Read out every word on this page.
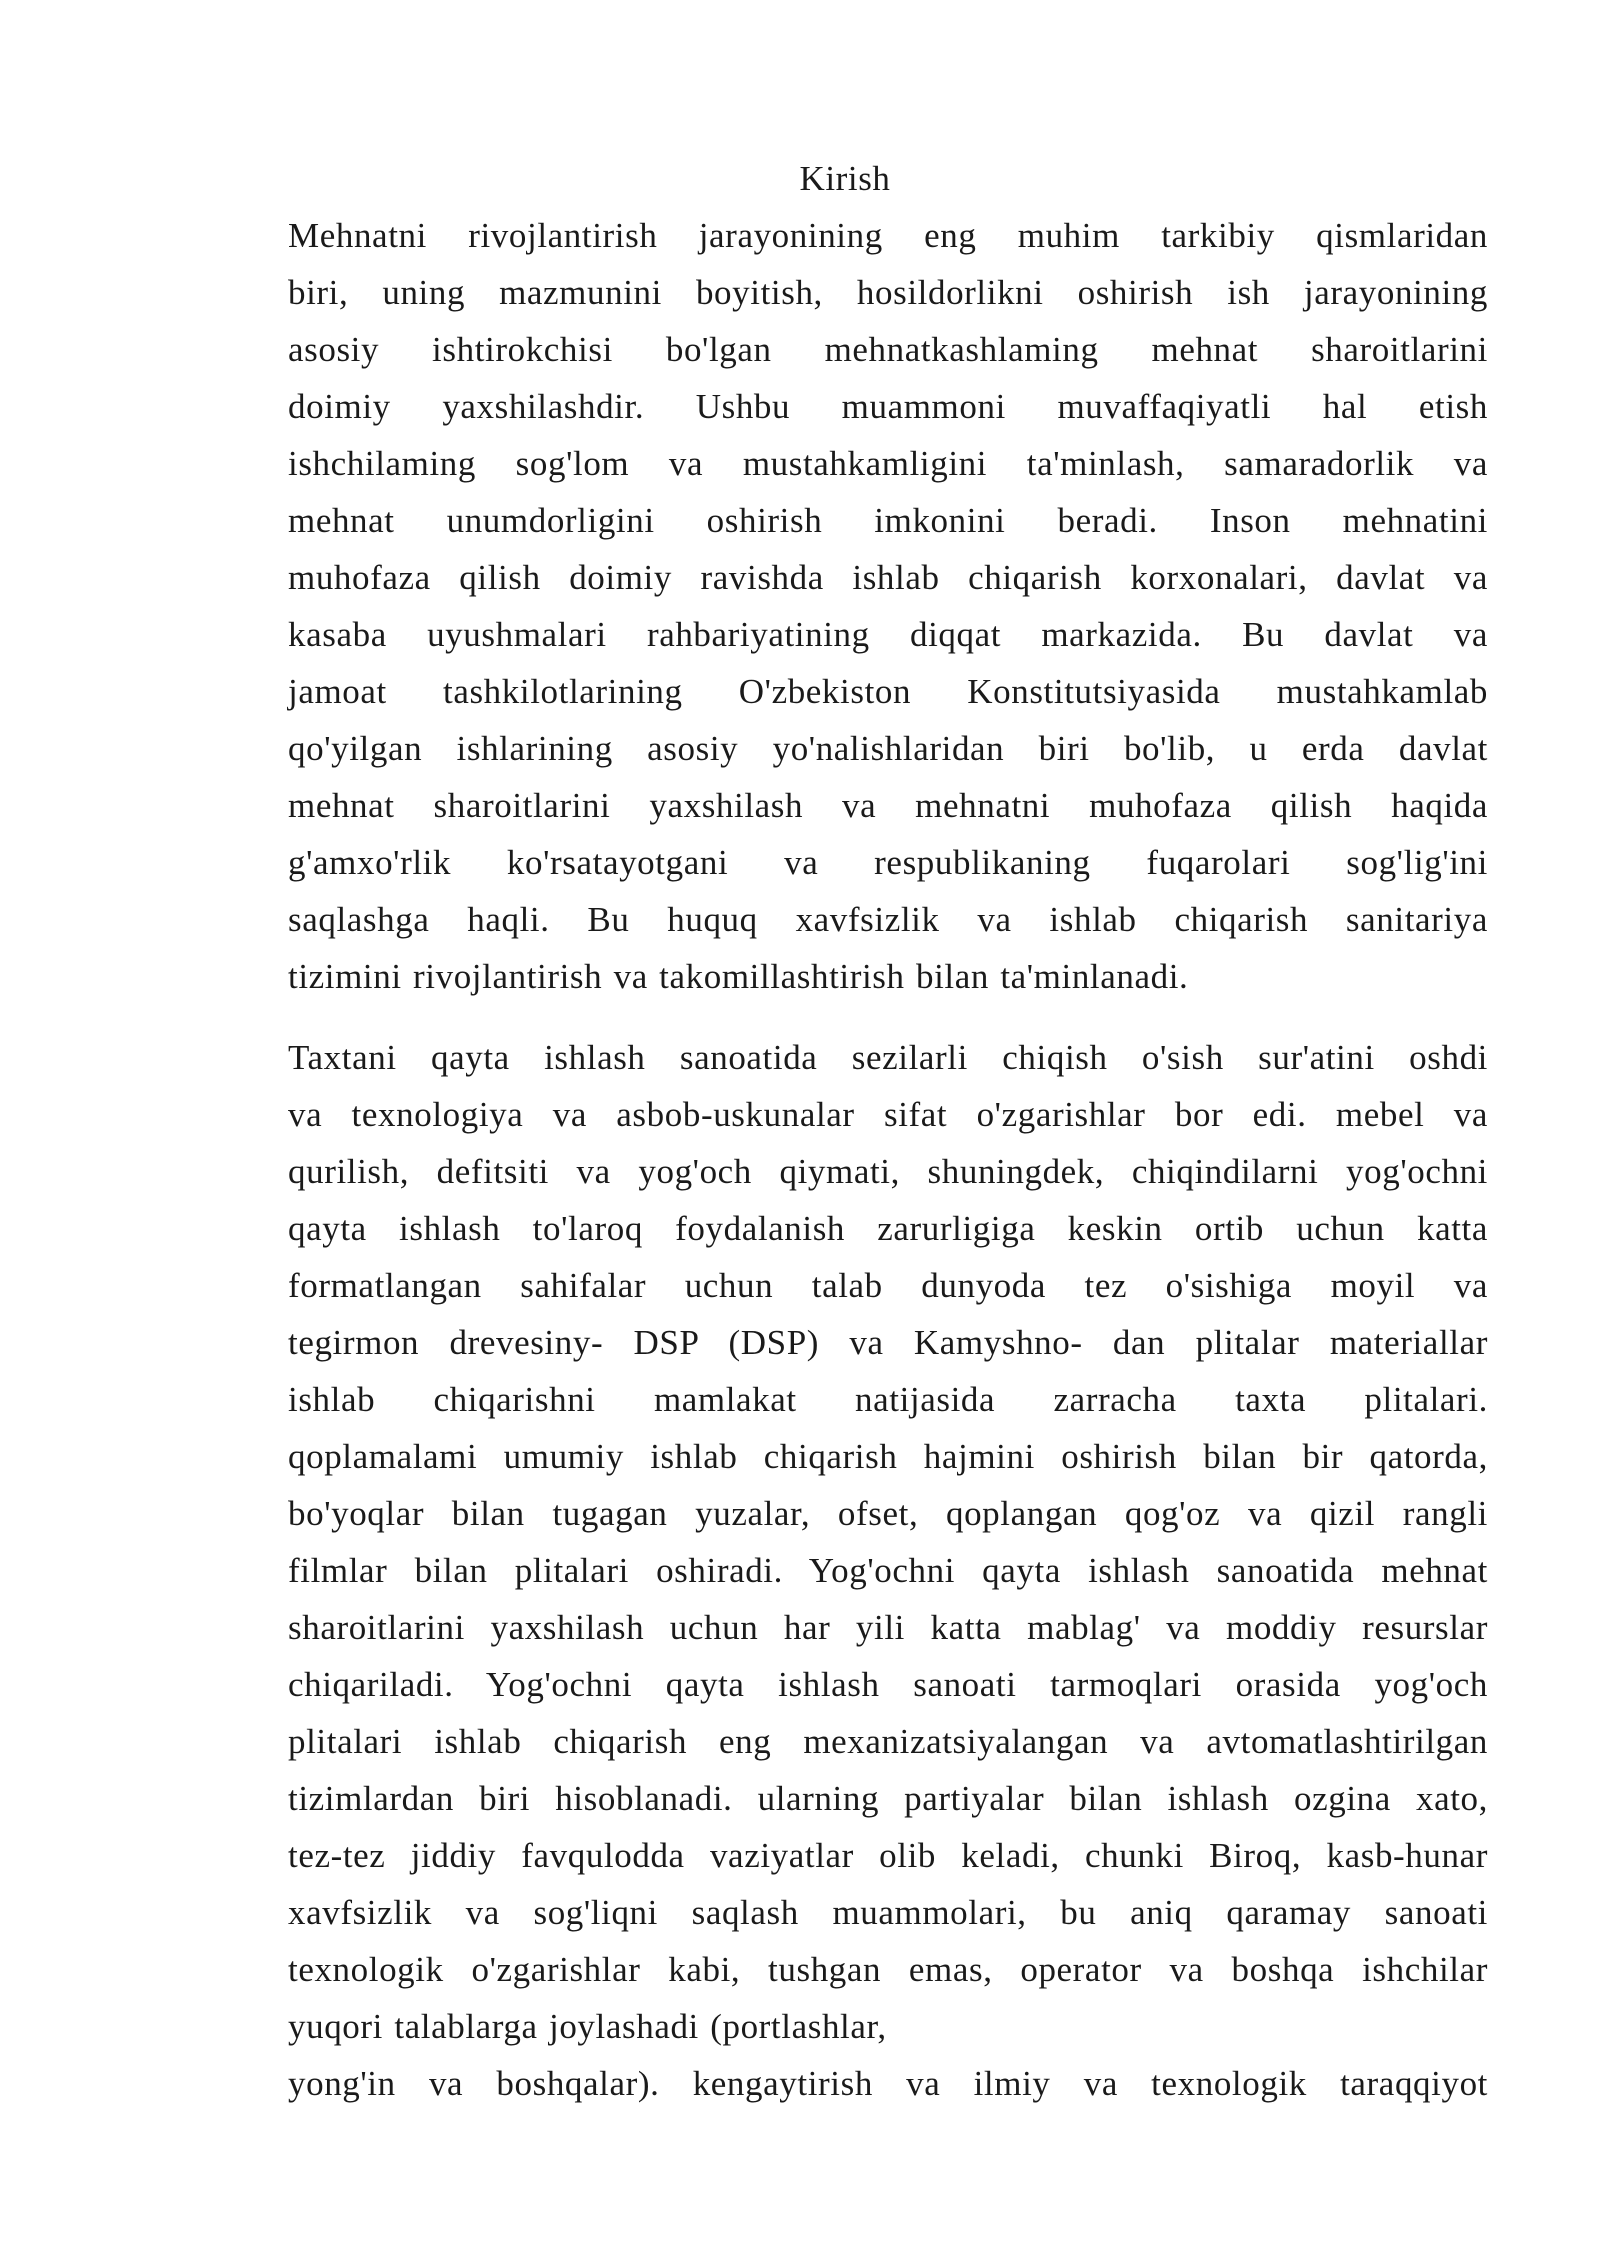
Kirish

Mehnatni rivojlantirish jarayonining eng muhim tarkibiy qismlaridan
biri, uning mazmunini boyitish, hosildorlikni oshirish ish jarayonining
asosiy ishtirokchisi bo'lgan mehnatkashlaming mehnat sharoitlarini
doimiy yaxshilashdir. Ushbu muammoni muvaffaqiyatli hal etish
ishchilaming sog'lom va mustahkamligini ta'minlash, samaradorlik va
mehnat unumdorligini oshirish imkonini beradi. Inson mehnatini
muhofaza qilish doimiy ravishda ishlab chiqarish korxonalari, davlat va
kasaba uyushmalari rahbariyatining diqqat markazida. Bu davlat va
jamoat tashkilotlarining O'zbekiston Konstitutsiyasida mustahkamlab
qo'yilgan ishlarining asosiy yo'nalishlaridan biri bo'lib, u erda davlat
mehnat sharoitlarini yaxshilash va mehnatni muhofaza qilish haqida
g'amxo'rlik ko'rsatayotgani va respublikaning fuqarolari sog'lig'ini
saqlashga haqli. Bu huquq xavfsizlik va ishlab chiqarish sanitariya
tizimini rivojlantirish va takomillashtirish bilan ta'minlanadi.

Taxtani qayta ishlash sanoatida sezilarli chiqish o'sish sur'atini oshdi
va texnologiya va asbob-uskunalar sifat o'zgarishlar bor edi. mebel va
qurilish, defitsiti va yog'och qiymati, shuningdek, chiqindilarni yog'ochni
qayta ishlash to'laroq foydalanish zarurligiga keskin ortib uchun katta
formatlangan sahifalar uchun talab dunyoda tez o'sishiga moyil va
tegirmon drevesiny- DSP (DSP) va Kamyshno- dan plitalar materiallar
ishlab chiqarishni mamlakat natijasida zarracha taxta plitalari.
qoplamalami umumiy ishlab chiqarish hajmini oshirish bilan bir qatorda,
bo'yoqlar bilan tugagan yuzalar, ofset, qoplangan qog'oz va qizil rangli
filmlar bilan plitalari oshiradi. Yog'ochni qayta ishlash sanoatida mehnat
sharoitlarini yaxshilash uchun har yili katta mablag' va moddiy resurslar
chiqariladi. Yog'ochni qayta ishlash sanoati tarmoqlari orasida yog'och
plitalari ishlab chiqarish eng mexanizatsiyalangan va avtomatlashtirilgan
tizimlardan biri hisoblanadi. ularning partiyalar bilan ishlash ozgina xato,
tez-tez jiddiy favqulodda vaziyatlar olib keladi, chunki Biroq, kasb-hunar
xavfsizlik va sog'liqni saqlash muammolari, bu aniq qaramay sanoati
texnologik o'zgarishlar kabi, tushgan emas, operator va boshqa ishchilar
yuqori talablarga joylashadi (portlashlar,

yong'in va boshqalar). kengaytirish va ilmiy va texnologik taraqqiyot
